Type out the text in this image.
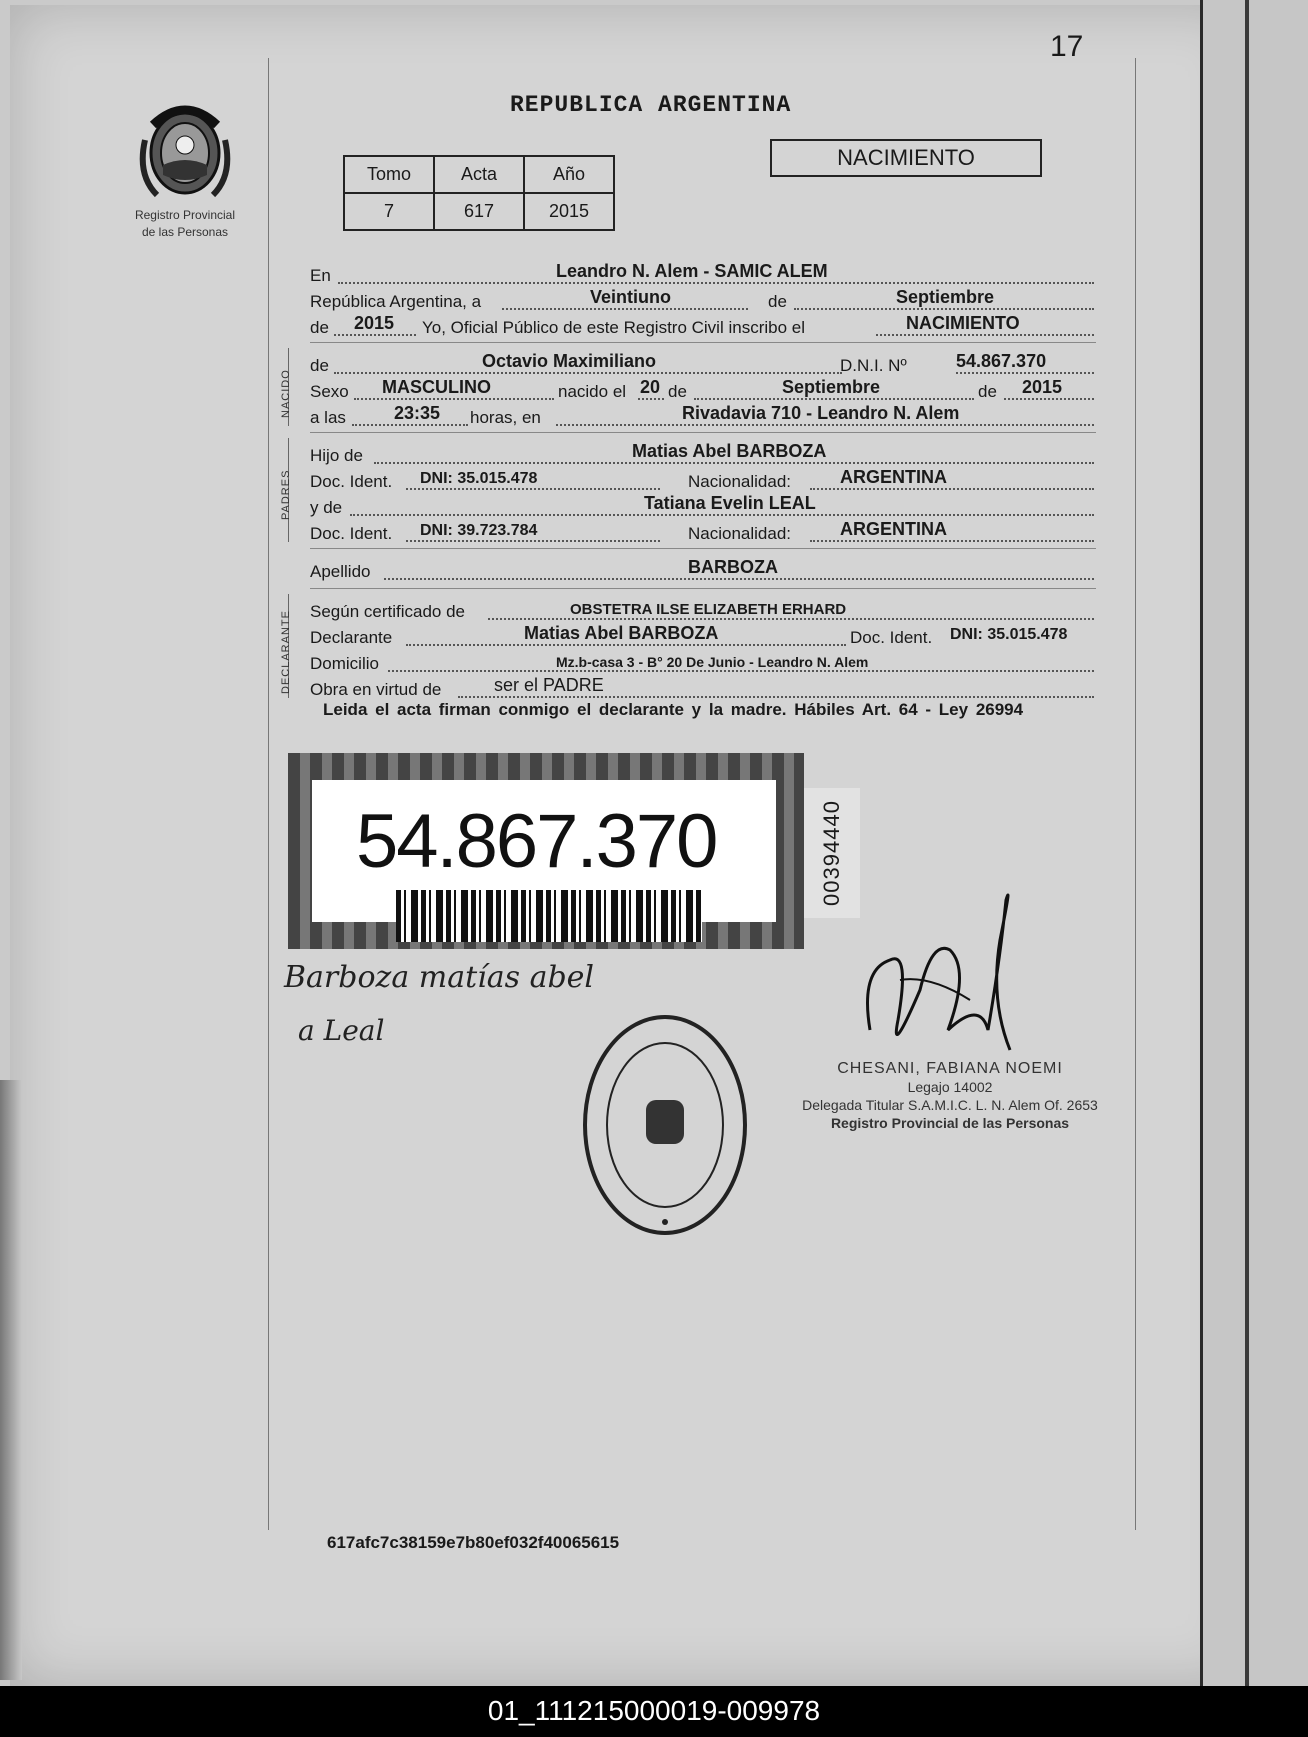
17
Registro Provincial
de las Personas
REPUBLICA ARGENTINA
Tomo	Acta	Año
7	617	2015
NACIMIENTO
En	Leandro N. Alem - SAMIC ALEM
República Argentina, a	Veintiuno	de	Septiembre
de 2015 Yo, Oficial Público de este Registro Civil inscribo el	NACIMIENTO
NACIDO
de	Octavio Maximiliano	D.N.I. Nº	54.867.370
Sexo MASCULINO	nacido el 20 de	Septiembre	de 2015
a las	23:35 horas, en	Rivadavia 710 - Leandro N. Alem
PADRES
Hijo de	Matias Abel BARBOZA
Doc. Ident. DNI: 35.015.478	Nacionalidad:	ARGENTINA
y de	Tatiana Evelin LEAL
Doc. Ident. DNI: 39.723.784	Nacionalidad:	ARGENTINA
Apellido	BARBOZA
DECLARANTE Según certificado de	OBSTETRA ILSE ELIZABETH ERHARD
Declarante	Matias Abel BARBOZA	Doc. Ident. DNI: 35.015.478
Domicilio	Mz.b-casa 3 - B° 20 De Junio - Leandro N. Alem
Obra en virtud de	ser el PADRE
Leida el acta firman conmigo el declarante y la madre. Hábiles Art. 64 - Ley 26994
54.867.370	00394440
Barboza matías abel
a Leal
CHESANI, FABIANA NOEMI
Legajo 14002
Delegada Titular S.A.M.I.C. L. N. Alem Of. 2653
Registro Provincial de las Personas
617afc7c38159e7b80ef032f40065615
01_111215000019-009978
